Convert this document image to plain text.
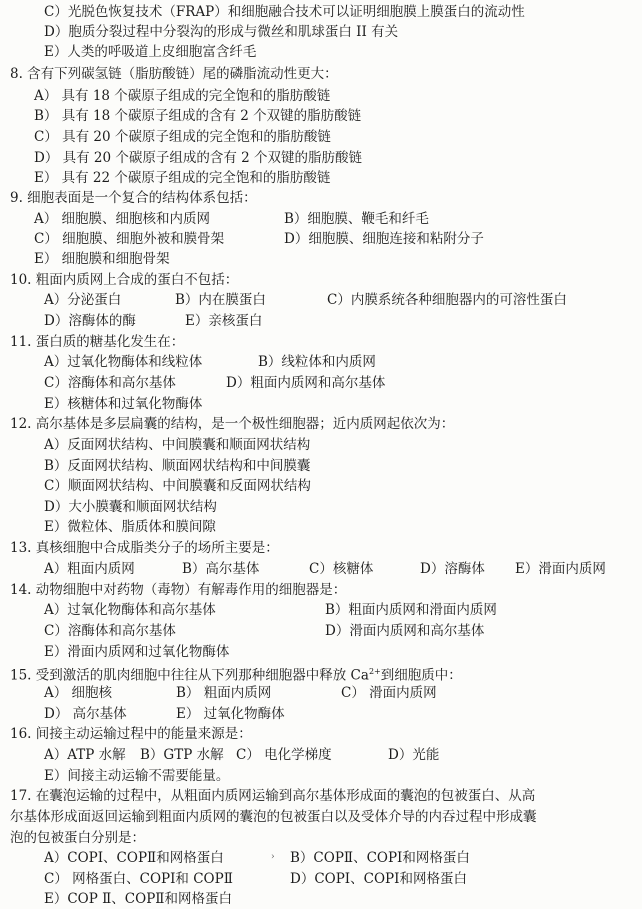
C）光脱色恢复技术（FRAP）和细胞融合技术可以证明细胞膜上膜蛋白的流动性
D）胞质分裂过程中分裂沟的形成与微丝和肌球蛋白 II 有关
E）人类的呼吸道上皮细胞富含纤毛
8. 含有下列碳氢链（脂肪酸链）尾的磷脂流动性更大：
A） 具有 18 个碳原子组成的完全饱和的脂肪酸链
B） 具有 18 个碳原子组成的含有 2 个双键的脂肪酸链
C） 具有 20 个碳原子组成的完全饱和的脂肪酸链
D） 具有 20 个碳原子组成的含有 2 个双键的脂肪酸链
E） 具有 22 个碳原子组成的完全饱和的脂肪酸链
9. 细胞表面是一个复合的结构体系包括：
A） 细胞膜、细胞核和内质网	B）细胞膜、鞭毛和纤毛
C） 细胞膜、细胞外被和膜骨架	D）细胞膜、细胞连接和粘附分子
E） 细胞膜和细胞骨架
10. 粗面内质网上合成的蛋白不包括：
A）分泌蛋白	B）内在膜蛋白	C）内膜系统各种细胞器内的可溶性蛋白
D）溶酶体的酶	E）亲核蛋白
11. 蛋白质的糖基化发生在：
A）过氧化物酶体和线粒体	B）线粒体和内质网
C）溶酶体和高尔基体	D）粗面内质网和高尔基体
E）核糖体和过氧化物酶体
12. 高尔基体是多层扁囊的结构，是一个极性细胞器；近内质网起依次为：
A）反面网状结构、中间膜囊和顺面网状结构
B）反面网状结构、顺面网状结构和中间膜囊
C）顺面网状结构、中间膜囊和反面网状结构
D）大小膜囊和顺面网状结构
E）微粒体、脂质体和膜间隙
13. 真核细胞中合成脂类分子的场所主要是：
A）粗面内质网	B）高尔基体	C）核糖体	D）溶酶体 E）滑面内质网
14. 动物细胞中对药物（毒物）有解毒作用的细胞器是：
A）过氧化物酶体和高尔基体	B）粗面内质网和滑面内质网
C）溶酶体和高尔基体	D）滑面内质网和高尔基体
E）滑面内质网和过氧化物酶体
15. 受到激活的肌肉细胞中往往从下列那种细胞器中释放 $Ca^{2+}$到细胞质中：
A） 细胞核	B） 粗面内质网	C） 滑面内质网
D） 高尔基体	E） 过氧化物酶体
16. 间接主动运输过程中的能量来源是：
A）ATP 水解 B）GTP 水解 C） 电化学梯度	D）光能
E）间接主动运输不需要能量。
17. 在囊泡运输的过程中，从粗面内质网运输到高尔基体形成面的囊泡的包被蛋白、从高
尔基体形成面返回运输到粗面内质网的囊泡的包被蛋白以及受体介导的内吞过程中形成囊
泡的包被蛋白分别是：
A）COPⅠ、COPⅡ和网格蛋白	› B）COPⅡ、COPⅠ和网格蛋白
C） 网格蛋白、COPⅠ和 COPⅡ	D）COPⅠ、COPⅠ和网格蛋白
E）COP Ⅱ、COPⅡ和网格蛋白
